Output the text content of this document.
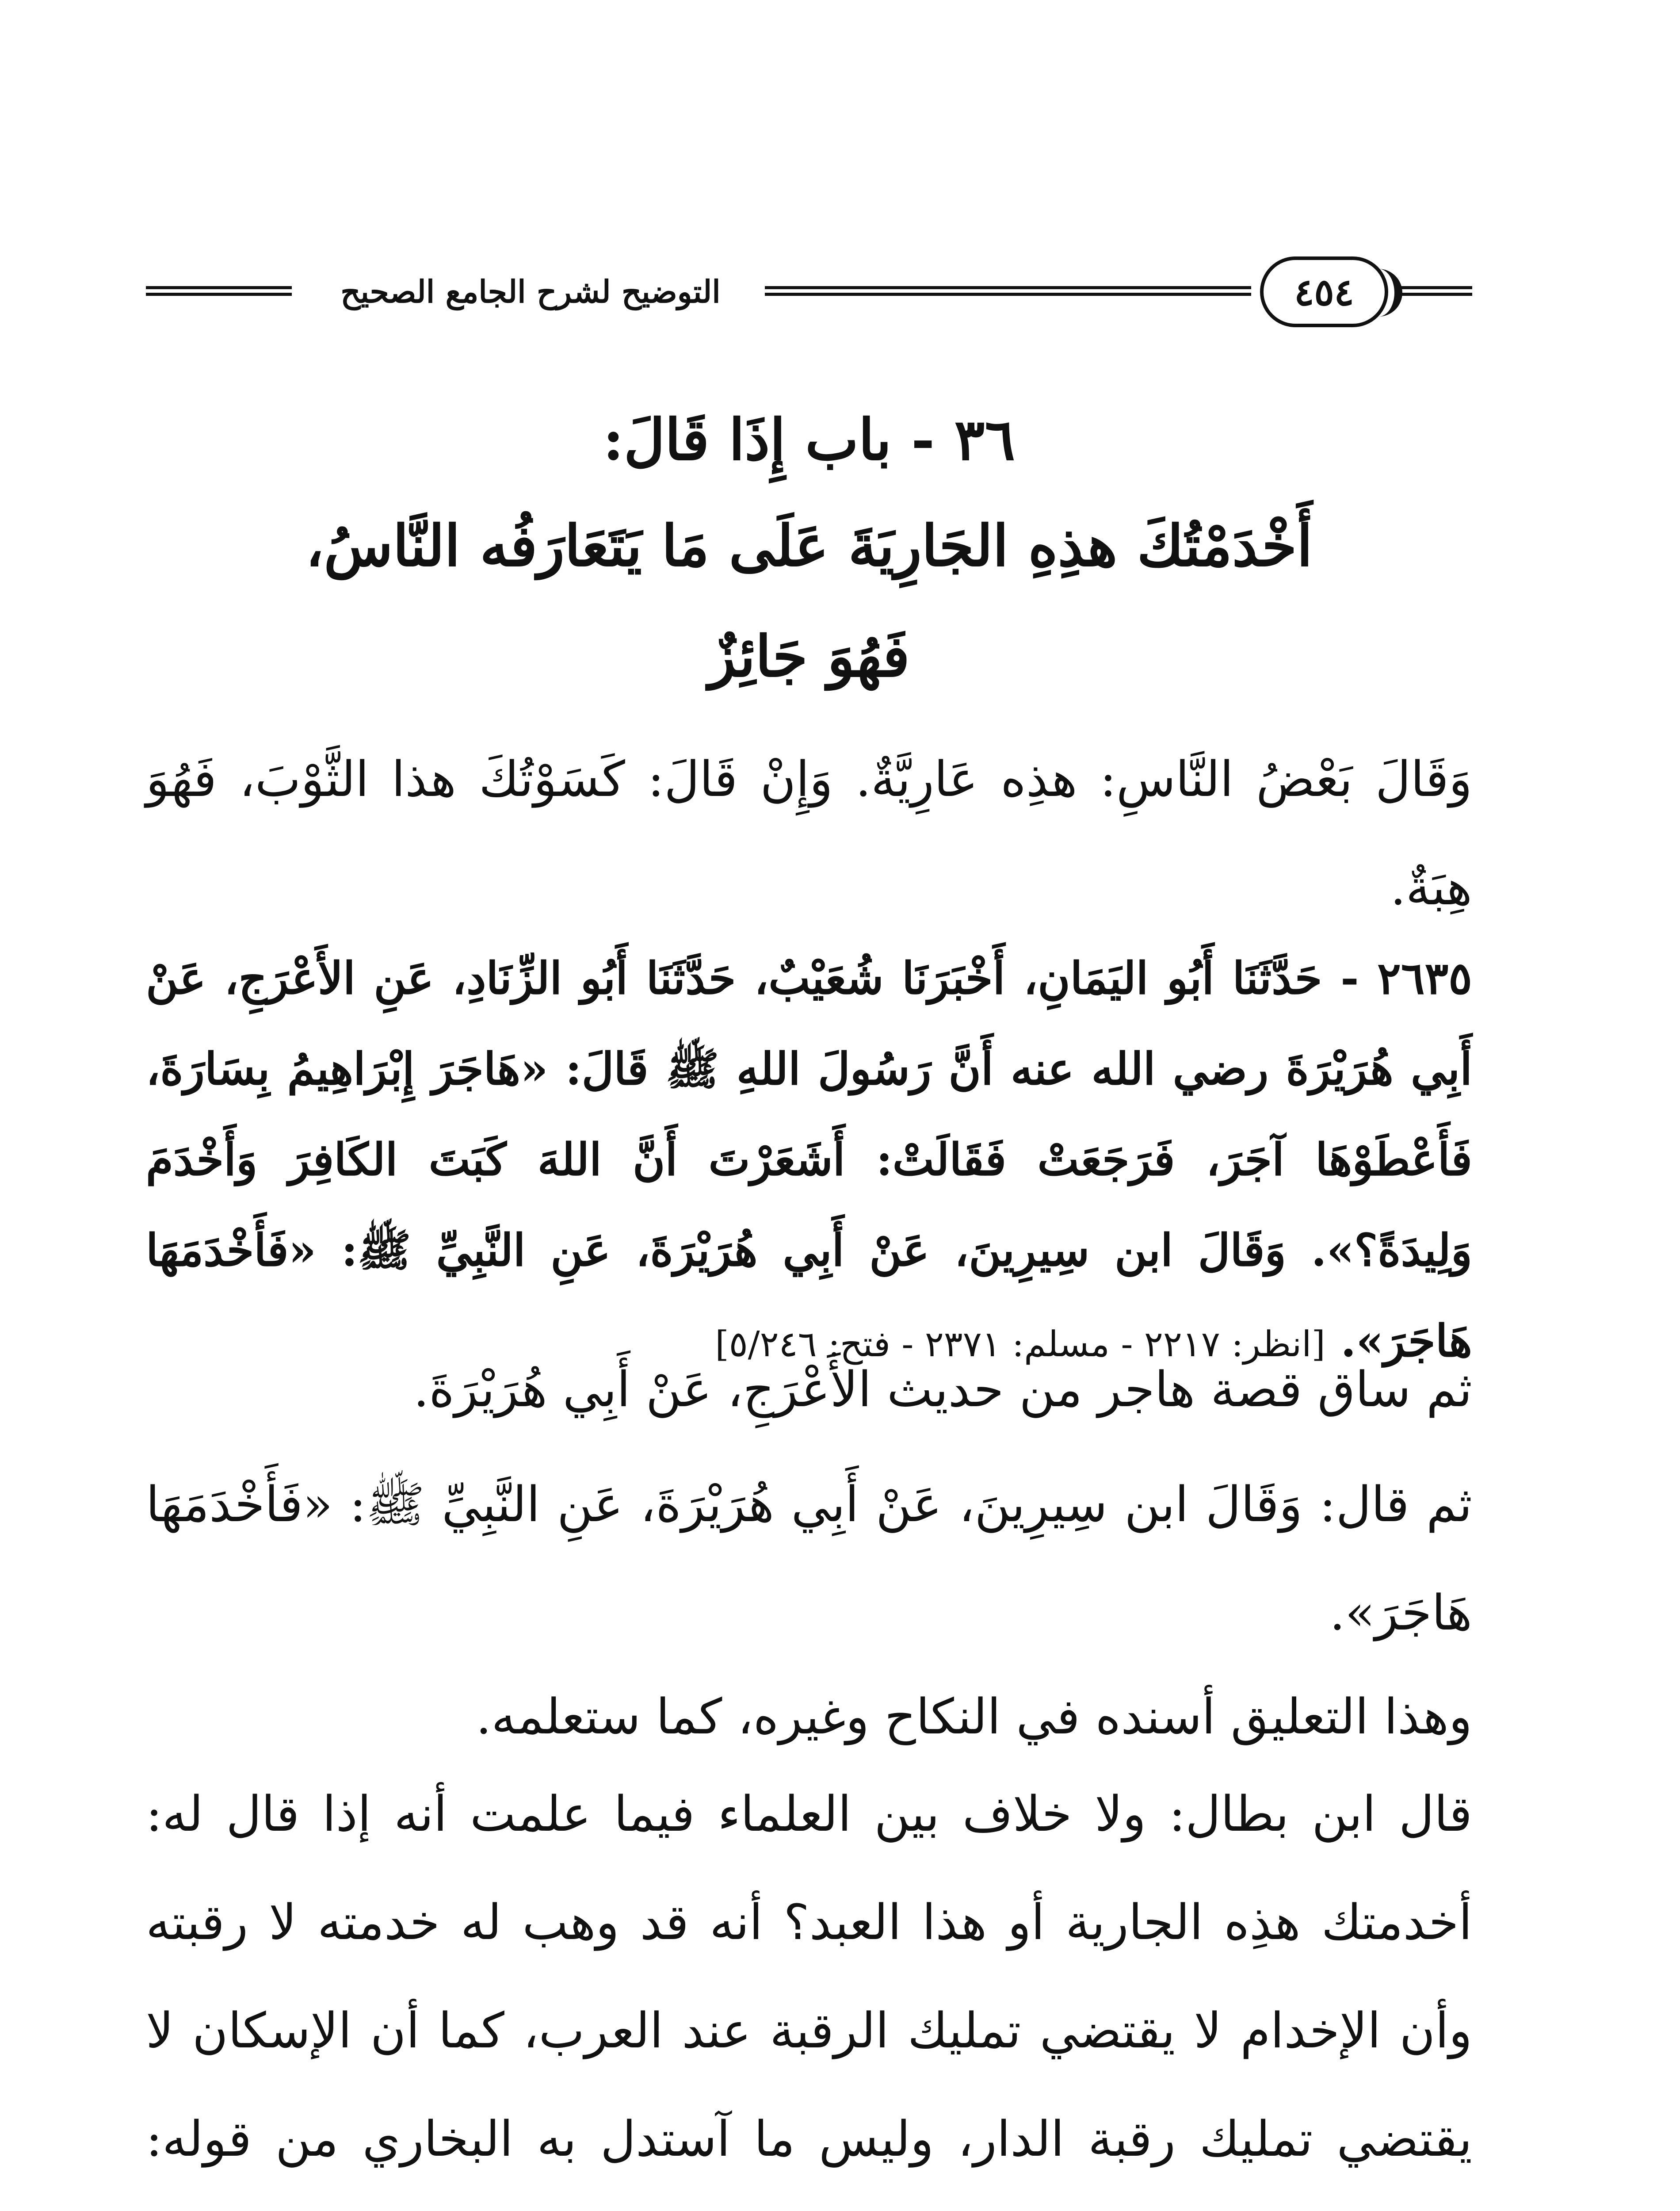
التوضيح لشرح الجامع الصحيح	٤٥٤
٣٦ - باب إِذَا قَالَ:
أَخْدَمْتُكَ هذِهِ الجَارِيَةَ عَلَى مَا يَتَعَارَفُه النَّاسُ،
فَهُوَ جَائِزٌ

وَقَالَ بَعْضُ النَّاسِ: هذِه عَارِيَّةٌ. وَإِنْ قَالَ: كَسَوْتُكَ هذا الثَّوْبَ، فَهُوَ هِبَةٌ.

٢٦٣٥ - حَدَّثَنَا أَبُو اليَمَانِ، أَخْبَرَنَا شُعَيْبٌ، حَدَّثَنَا أَبُو الزِّنَادِ، عَنِ الأَعْرَجِ، عَنْ أَبِي هُرَيْرَةَ رضي الله عنه أَنَّ رَسُولَ اللهِ ﷺ قَالَ: «هَاجَرَ إِبْرَاهِيمُ بِسَارَةَ، فَأَعْطَوْهَا آجَرَ، فَرَجَعَتْ فَقَالَتْ: أَشَعَرْتَ أَنَّ اللهَ كَبَتَ الكَافِرَ وَأَخْدَمَ وَلِيدَةً؟». وَقَالَ ابن سِيرِينَ، عَنْ أَبِي هُرَيْرَةَ، عَنِ النَّبِيِّ ﷺ: «فَأَخْدَمَهَا هَاجَرَ». [انظر: ٢٢١٧ - مسلم: ٢٣٧١ - فتح: ٥/٢٤٦]

ثم ساق قصة هاجر من حديث الأَعْرَجِ، عَنْ أَبِي هُرَيْرَةَ.

ثم قال: وَقَالَ ابن سِيرِينَ، عَنْ أَبِي هُرَيْرَةَ، عَنِ النَّبِيِّ ﷺ: «فَأَخْدَمَهَا هَاجَرَ».

وهذا التعليق أسنده في النكاح وغيره، كما ستعلمه.

قال ابن بطال: ولا خلاف بين العلماء فيما علمت أنه إذا قال له: أخدمتك هذِه الجارية أو هذا العبد؟ أنه قد وهب له خدمته لا رقبته وأن الإخدام لا يقتضي تمليك الرقبة عند العرب، كما أن الإسكان لا يقتضي تمليك رقبة الدار، وليس ما آستدل به البخاري من قوله:
